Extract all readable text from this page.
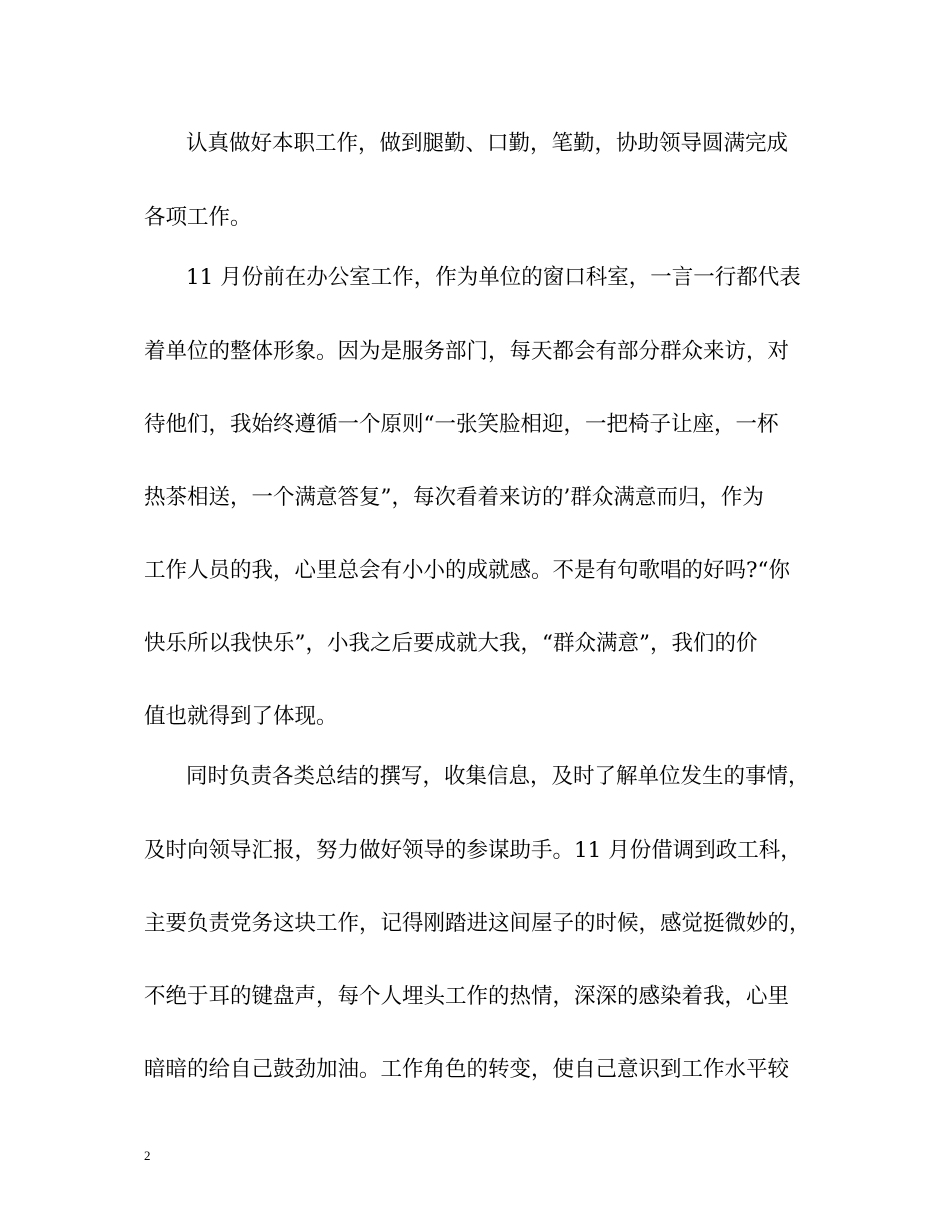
认真做好本职工作，做到腿勤、口勤，笔勤，协助领导圆满完成
各项工作。
11 月份前在办公室工作，作为单位的窗口科室，一言一行都代表
着单位的整体形象。因为是服务部门，每天都会有部分群众来访，对
待他们，我始终遵循一个原则“一张笑脸相迎，一把椅子让座，一杯
热茶相送，一个满意答复”，每次看着来访的’群众满意而归，作为
工作人员的我，心里总会有小小的成就感。不是有句歌唱的好吗?“你
快乐所以我快乐”，小我之后要成就大我，“群众满意”，我们的价
值也就得到了体现。
同时负责各类总结的撰写，收集信息，及时了解单位发生的事情，
及时向领导汇报，努力做好领导的参谋助手。11 月份借调到政工科，
主要负责党务这块工作，记得刚踏进这间屋子的时候，感觉挺微妙的，
不绝于耳的键盘声，每个人埋头工作的热情，深深的感染着我，心里
暗暗的给自己鼓劲加油。工作角色的转变，使自己意识到工作水平较
2
